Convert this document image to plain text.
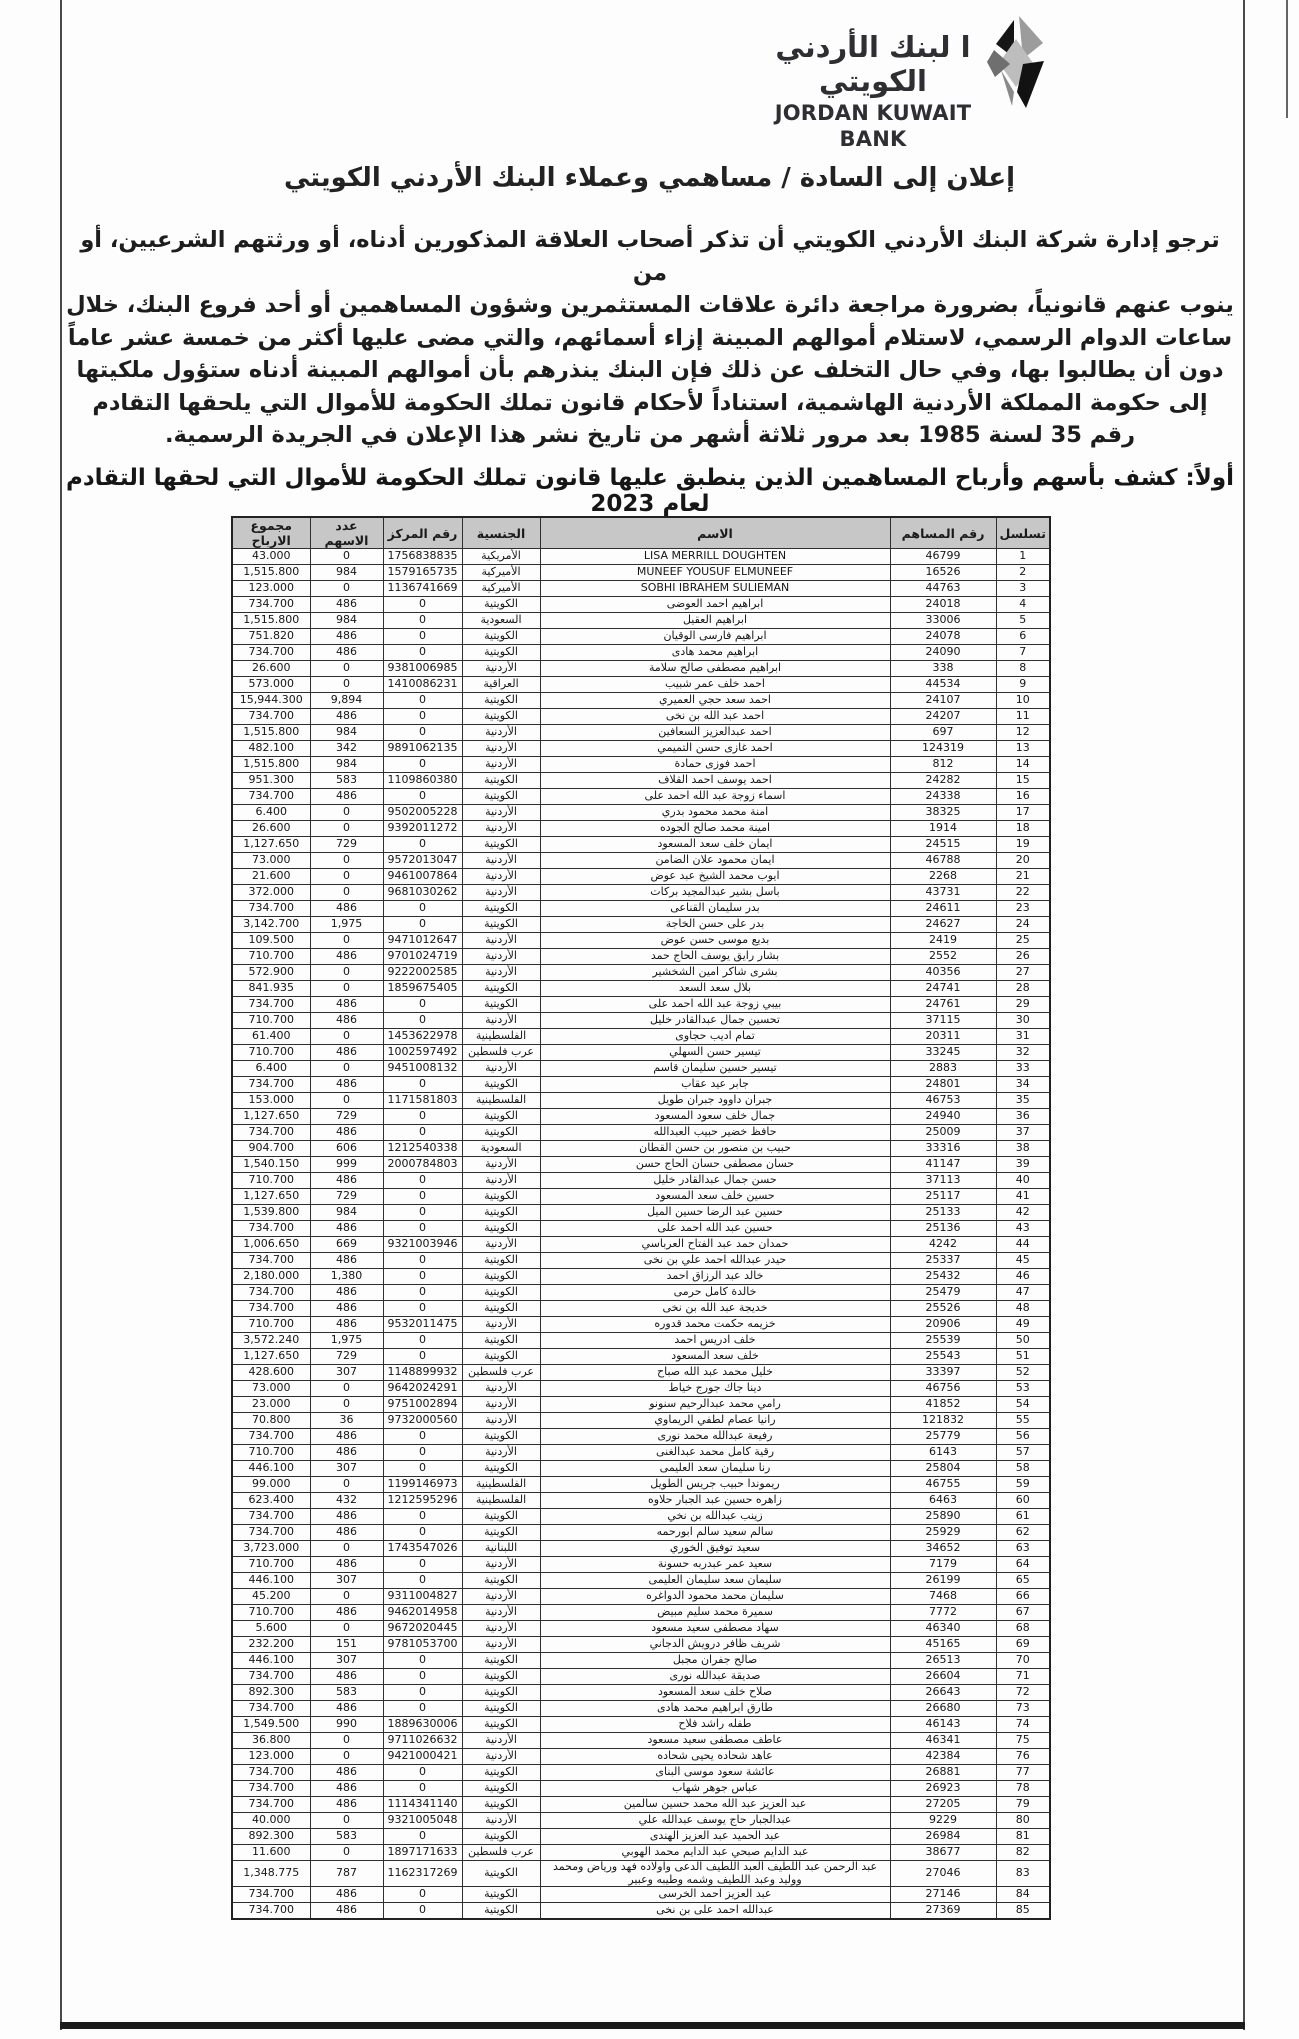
ا لبنك الأردني الكويتي
JORDAN KUWAIT BANK
إعلان إلى السادة / مساهمي وعملاء البنك الأردني الكويتي
ترجو إدارة شركة البنك الأردني الكويتي أن تذكر أصحاب العلاقة المذكورين أدناه، أو ورثتهم الشرعيين، أو من
ينوب عنهم قانونياً، بضرورة مراجعة دائرة علاقات المستثمرين وشؤون المساهمين أو أحد فروع البنك، خلال
ساعات الدوام الرسمي، لاستلام أموالهم المبينة إزاء أسمائهم، والتي مضى عليها أكثر من خمسة عشر عاماً
دون أن يطالبوا بها، وفي حال التخلف عن ذلك فإن البنك ينذرهم بأن أموالهم المبينة أدناه ستؤول ملكيتها
إلى حكومة المملكة الأردنية الهاشمية، استناداً لأحكام قانون تملك الحكومة للأموال التي يلحقها التقادم
رقم 35 لسنة 1985 بعد مرور ثلاثة أشهر من تاريخ نشر هذا الإعلان في الجريدة الرسمية.
أولاً: كشف بأسهم وأرباح المساهمين الذين ينطبق عليها قانون تملك الحكومة للأموال التي لحقها التقادم لعام 2023
تسلسل	رقم المساهم	الاسم	الجنسية	رقم المركز	عدد الاسهم	مجموع الارباح
1	46799	LISA MERRILL DOUGHTEN	الأمريكية	1756838835	0	43.000
2	16526	MUNEEF YOUSUF ELMUNEEF	الأميركية	1579165735	984	1,515.800
3	44763	SOBHI IBRAHEM SULIEMAN	الأميركية	1136741669	0	123.000
4	24018	ابراهيم احمد العوضى	الكويتية	0	486	734.700
5	33006	ابراهيم العقيل	السعودية	0	984	1,515.800
6	24078	ابراهيم فارسى الوقيان	الكويتية	0	486	751.820
7	24090	ابراهيم محمد هادى	الكويتية	0	486	734.700
8	338	ابراهيم مصطفى صالح سلامة	الأردنية	9381006985	0	26.600
9	44534	احمد خلف عمر شبيب	العراقية	1410086231	0	573.000
10	24107	احمد سعد حجي العميري	الكويتية	0	9,894	15,944.300
11	24207	احمد عبد الله بن نخى	الكويتية	0	486	734.700
12	697	احمد عبدالعزيز السعافين	الأردنية	0	984	1,515.800
13	124319	احمد غازى حسن التميمي	الأردنية	9891062135	342	482.100
14	812	احمد فوزى حمادة	الأردنية	0	984	1,515.800
15	24282	احمد يوسف احمد القلاف	الكويتية	1109860380	583	951.300
16	24338	اسماء زوجة عبد الله احمد على	الكويتية	0	486	734.700
17	38325	امنة محمد محمود بدري	الأردنية	9502005228	0	6.400
18	1914	امينة محمد صالح الجوده	الأردنية	9392011272	0	26.600
19	24515	ايمان خلف سعد المسعود	الكويتية	0	729	1,127.650
20	46788	ايمان محمود علان الضامن	الأردنية	9572013047	0	73.000
21	2268	ايوب محمد الشيخ عبد عوض	الأردنية	9461007864	0	21.600
22	43731	باسل بشير عبدالمجيد بركات	الأردنية	9681030262	0	372.000
23	24611	بدر سليمان القناعى	الكويتية	0	486	734.700
24	24627	بدر على حسن الخاجة	الكويتية	0	1,975	3,142.700
25	2419	بديع موسى حسن عوض	الأردنية	9471012647	0	109.500
26	2552	بشار رايق يوسف الحاج حمد	الأردنية	9701024719	486	710.700
27	40356	بشرى شاكر امين الشخشير	الأردنية	9222002585	0	572.900
28	24741	بلال سعد السعد	الكويتية	1859675405	0	841.935
29	24761	بيبي زوجة عبد الله احمد على	الكويتية	0	486	734.700
30	37115	تحسين جمال عبدالقادر خليل	الأردنية	0	486	710.700
31	20311	تمام اديب حجاوى	الفلسطينية	1453622978	0	61.400
32	33245	تيسير حسن السهلي	عرب فلسطين	1002597492	486	710.700
33	2883	تيسير حسين سليمان قاسم	الأردنية	9451008132	0	6.400
34	24801	جابر عيد عقاب	الكويتية	0	486	734.700
35	46753	جبران داوود جبران طويل	الفلسطينية	1171581803	0	153.000
36	24940	جمال خلف سعود المسعود	الكويتية	0	729	1,127.650
37	25009	حافظ خضير حبيب العبدالله	الكويتية	0	486	734.700
38	33316	حبيب بن منصور بن حسن القطان	السعودية	1212540338	606	904.700
39	41147	حسان مصطفى حسان الحاج حسن	الأردنية	2000784803	999	1,540.150
40	37113	حسن جمال عبدالقادر خليل	الأردنية	0	486	710.700
41	25117	حسين خلف سعد المسعود	الكويتية	0	729	1,127.650
42	25133	حسين عبد الرضا حسين الميل	الكويتية	0	984	1,539.800
43	25136	حسين عبد الله احمد على	الكويتية	0	486	734.700
44	4242	حمدان حمد عبد الفتاح العرباسي	الأردنية	9321003946	669	1,006.650
45	25337	حيدر عبدالله احمد علي بن نخى	الكويتية	0	486	734.700
46	25432	خالد عبد الرزاق احمد	الكويتية	0	1,380	2,180.000
47	25479	خالدة كامل حرمى	الكويتية	0	486	734.700
48	25526	خديجة عبد الله بن نخى	الكويتية	0	486	734.700
49	20906	خزيمه حكمت محمد قدوره	الأردنية	9532011475	486	710.700
50	25539	خلف ادريس احمد	الكويتية	0	1,975	3,572.240
51	25543	خلف سعد المسعود	الكويتية	0	729	1,127.650
52	33397	خليل محمد عبد الله صباح	عرب فلسطين	1148899932	307	428.600
53	46756	دينا جاك جورج خياط	الأردنية	9642024291	0	73.000
54	41852	رامي محمد عبدالرحيم سنونو	الأردنية	9751002894	0	23.000
55	121832	رانيا عصام لطفي الريماوي	الأردنية	9732000560	36	70.800
56	25779	رفيعة عبدالله محمد نورى	الكويتية	0	486	734.700
57	6143	رقية كامل محمد عبدالغنى	الأردنية	0	486	710.700
58	25804	رنا سليمان سعد العليمى	الكويتية	0	307	446.100
59	46755	ريموندا حبيب جريس الطويل	الفلسطينية	1199146973	0	99.000
60	6463	زاهره حسين عبد الجبار حلاوه	الفلسطينية	1212595296	432	623.400
61	25890	زينب عبدالله بن نخي	الكويتية	0	486	734.700
62	25929	سالم سعيد سالم ابورحمه	الكويتية	0	486	734.700
63	34652	سعيد توفيق الخوري	اللبنانية	1743547026	0	3,723.000
64	7179	سعيد عمر عبدربه حسونة	الأردنية	0	486	710.700
65	26199	سليمان سعد سليمان العليمى	الكويتية	0	307	446.100
66	7468	سليمان محمد محمود الدواغره	الأردنية	9311004827	0	45.200
67	7772	سميرة محمد سليم مبيض	الأردنية	9462014958	486	710.700
68	46340	سهاد مصطفى سعيد مسعود	الأردنية	9672020445	0	5.600
69	45165	شريف ظافر درويش الدجاني	الأردنية	9781053700	151	232.200
70	26513	صالح جفران مجبل	الكويتية	0	307	446.100
71	26604	صديقة عبدالله نورى	الكويتية	0	486	734.700
72	26643	صلاح خلف سعد المسعود	الكويتية	0	583	892.300
73	26680	طارق ابراهيم محمد هادى	الكويتية	0	486	734.700
74	46143	طفله راشد فلاح	الكويتية	1889630006	990	1,549.500
75	46341	عاطف مصطفى سعيد مسعود	الأردنية	9711026632	0	36.800
76	42384	عاهد شحاده يحيى شحاده	الأردنية	9421000421	0	123.000
77	26881	عائشة سعود موسى البناى	الكويتية	0	486	734.700
78	26923	عباس جوهر شهاب	الكويتية	0	486	734.700
79	27205	عبد العزيز عبد الله محمد حسين سالمين	الكويتية	1114341140	486	734.700
80	9229	عبدالجبار حاج يوسف عبدالله علي	الأردنية	9321005048	0	40.000
81	26984	عبد الحميد عبد العزيز الهندى	الكويتية	0	583	892.300
82	38677	عبد الدايم صبحي عبد الدايم محمد الهوبي	عرب فلسطين	1897171633	0	11.600
83	27046	عبد الرحمن عبد اللطيف العبد اللطيف الدعى واولاده فهد ورياض ومحمد ووليد وعبد اللطيف وشمه وطيبه وعبير	الكويتية	1162317269	787	1,348.775
84	27146	عبد العزيز احمد الخرسى	الكويتية	0	486	734.700
85	27369	عبدالله احمد على بن نخى	الكويتية	0	486	734.700
